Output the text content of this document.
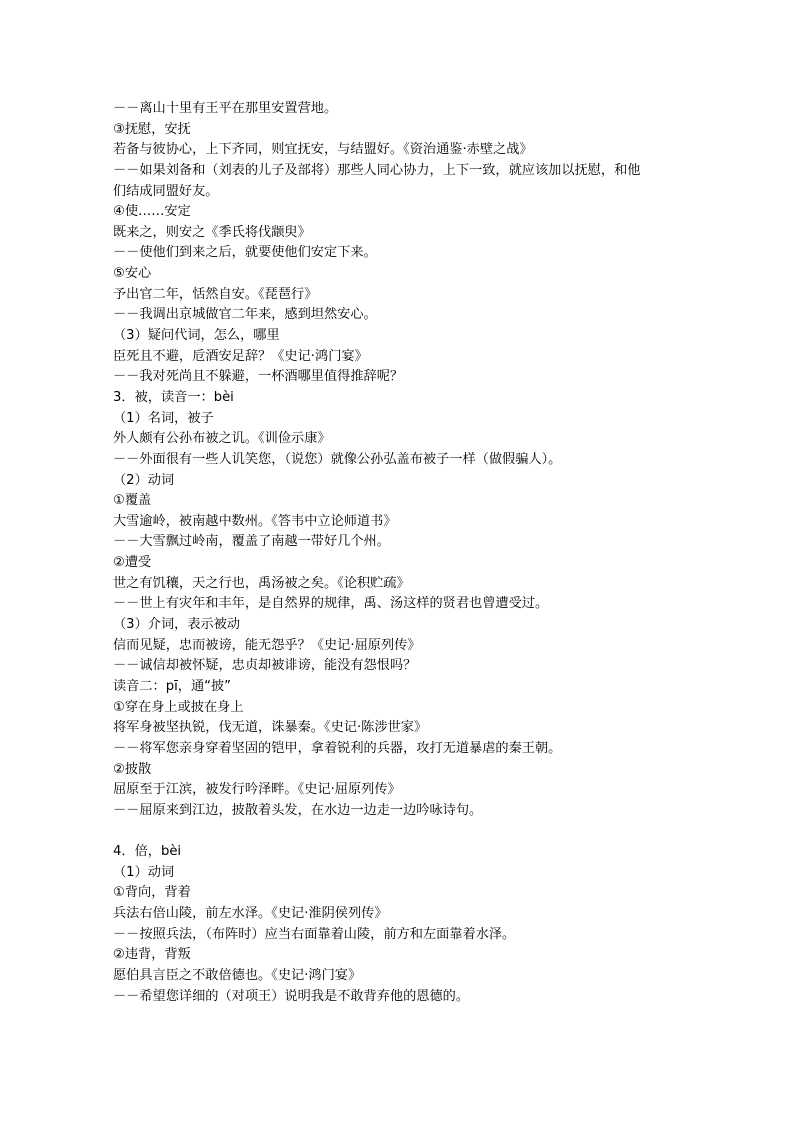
－－离山十里有王平在那里安置营地。
③抚慰，安抚
若备与彼协心，上下齐同，则宜抚安，与结盟好。《资治通鉴·赤壁之战》
－－如果刘备和（刘表的儿子及部将）那些人同心协力，上下一致，就应该加以抚慰，和他
们结成同盟好友。
④使……安定
既来之，则安之《季氏将伐颛臾》
－－使他们到来之后，就要使他们安定下来。
⑤安心
予出官二年，恬然自安。《琵琶行》
－－我调出京城做官二年来，感到坦然安心。
（3）疑问代词，怎么，哪里
臣死且不避，卮酒安足辞？《史记·鸿门宴》
－－我对死尚且不躲避，一杯酒哪里值得推辞呢？
3．被，读音一：bèi
（1）名词，被子
外人颇有公孙布被之讥。《训俭示康》
－－外面很有一些人讥笑您，（说您）就像公孙弘盖布被子一样（做假骗人）。
（2）动词
①覆盖
大雪逾岭，被南越中数州。《答韦中立论师道书》
－－大雪飘过岭南，覆盖了南越一带好几个州。
②遭受
世之有饥穰，天之行也，禹汤被之矣。《论积贮疏》
－－世上有灾年和丰年，是自然界的规律，禹、汤这样的贤君也曾遭受过。
（3）介词，表示被动
信而见疑，忠而被谤，能无怨乎？《史记·屈原列传》
－－诚信却被怀疑，忠贞却被诽谤，能没有怨恨吗？
读音二：pī，通“披”
①穿在身上或披在身上
将军身被坚执锐，伐无道，诛暴秦。《史记·陈涉世家》
－－将军您亲身穿着坚固的铠甲，拿着锐利的兵器，攻打无道暴虐的秦王朝。
②披散
屈原至于江滨，被发行吟泽畔。《史记·屈原列传》
－－屈原来到江边，披散着头发，在水边一边走一边吟咏诗句。
4．倍，bèi
（1）动词
①背向，背着
兵法右倍山陵，前左水泽。《史记·淮阴侯列传》
－－按照兵法，（布阵时）应当右面靠着山陵，前方和左面靠着水泽。
②违背，背叛
愿伯具言臣之不敢倍德也。《史记·鸿门宴》
－－希望您详细的（对项王）说明我是不敢背弃他的恩德的。
